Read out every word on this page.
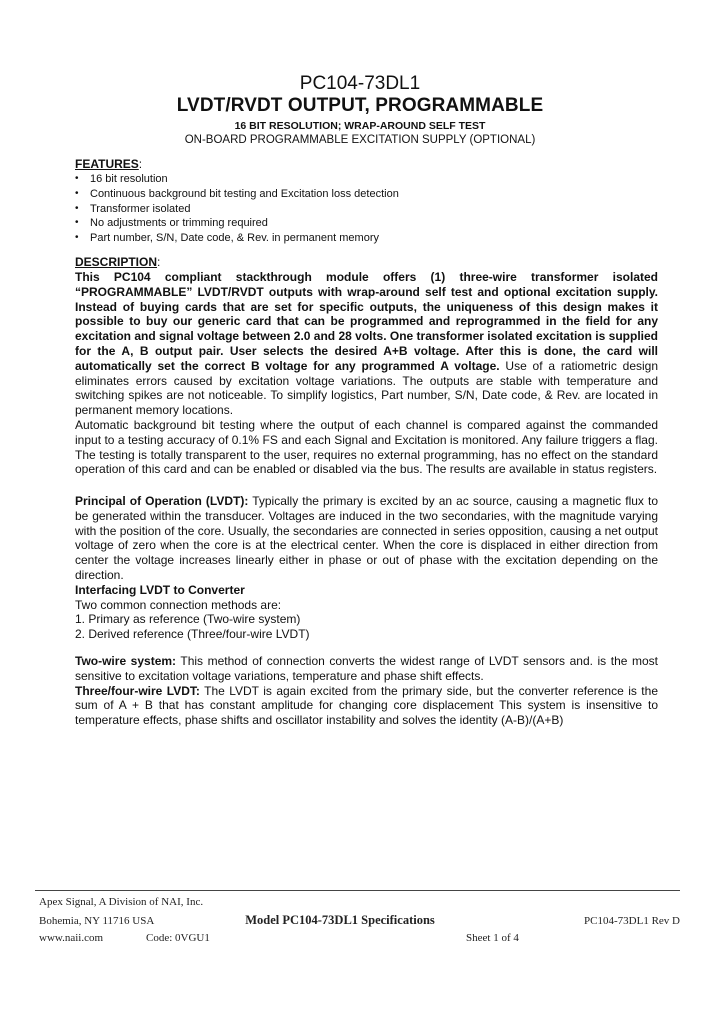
PC104-73DL1
LVDT/RVDT OUTPUT, PROGRAMMABLE
16 BIT RESOLUTION; WRAP-AROUND SELF TEST
ON-BOARD PROGRAMMABLE EXCITATION SUPPLY (OPTIONAL)
FEATURES:
• 16 bit resolution
• Continuous background bit testing and Excitation loss detection
• Transformer isolated
• No adjustments or trimming required
• Part number, S/N, Date code, & Rev. in permanent memory
DESCRIPTION:

This PC104 compliant stackthrough module offers (1) three-wire transformer isolated “PROGRAMMABLE” LVDT/RVDT outputs with wrap-around self test and optional excitation supply. Instead of buying cards that are set for specific outputs, the uniqueness of this design makes it possible to buy our generic card that can be programmed and reprogrammed in the field for any excitation and signal voltage between 2.0 and 28 volts. One transformer isolated excitation is supplied for the A, B output pair. User selects the desired A+B voltage. After this is done, the card will automatically set the correct B voltage for any programmed A voltage. Use of a ratiometric design eliminates errors caused by excitation voltage variations. The outputs are stable with temperature and switching spikes are not noticeable. To simplify logistics, Part number, S/N, Date code, & Rev. are located in permanent memory locations.

Automatic background bit testing where the output of each channel is compared against the commanded input to a testing accuracy of 0.1% FS and each Signal and Excitation is monitored. Any failure triggers a flag. The testing is totally transparent to the user, requires no external programming, has no effect on the standard operation of this card and can be enabled or disabled via the bus. The results are available in status registers.

Principal of Operation (LVDT): Typically the primary is excited by an ac source, causing a magnetic flux to be generated within the transducer. Voltages are induced in the two secondaries, with the magnitude varying with the position of the core. Usually, the secondaries are connected in series opposition, causing a net output voltage of zero when the core is at the electrical center. When the core is displaced in either direction from center the voltage increases linearly either in phase or out of phase with the excitation depending on the direction.

Interfacing LVDT to Converter

Two common connection methods are:

1. Primary as reference (Two-wire system)
2. Derived reference (Three/four-wire LVDT)

Two-wire system: This method of connection converts the widest range of LVDT sensors and. is the most sensitive to excitation voltage variations, temperature and phase shift effects.

Three/four-wire LVDT: The LVDT is again excited from the primary side, but the converter reference is the sum of A + B that has constant amplitude for changing core displacement This system is insensitive to temperature effects, phase shifts and oscillator instability and solves the identity (A-B)/(A+B)

Apex Signal, A Division of NAI, Inc.
Bohemia, NY 11716 USA
www.naii.com	Code: 0VGU1
Model PC104-73DL1 Specifications
Sheet 1 of 4
PC104-73DL1 Rev D
